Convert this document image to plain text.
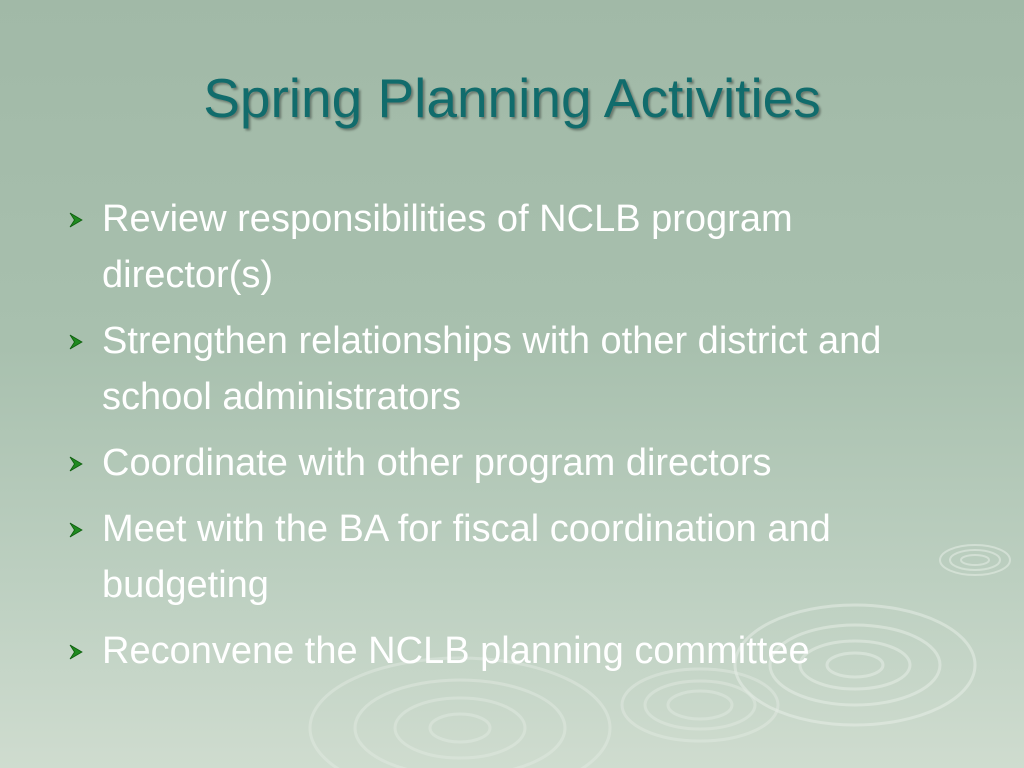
Spring Planning Activities
Review responsibilities of NCLB program director(s)
Strengthen relationships with other district and school administrators
Coordinate with other program directors
Meet with the BA for fiscal coordination and budgeting
Reconvene the NCLB planning committee
